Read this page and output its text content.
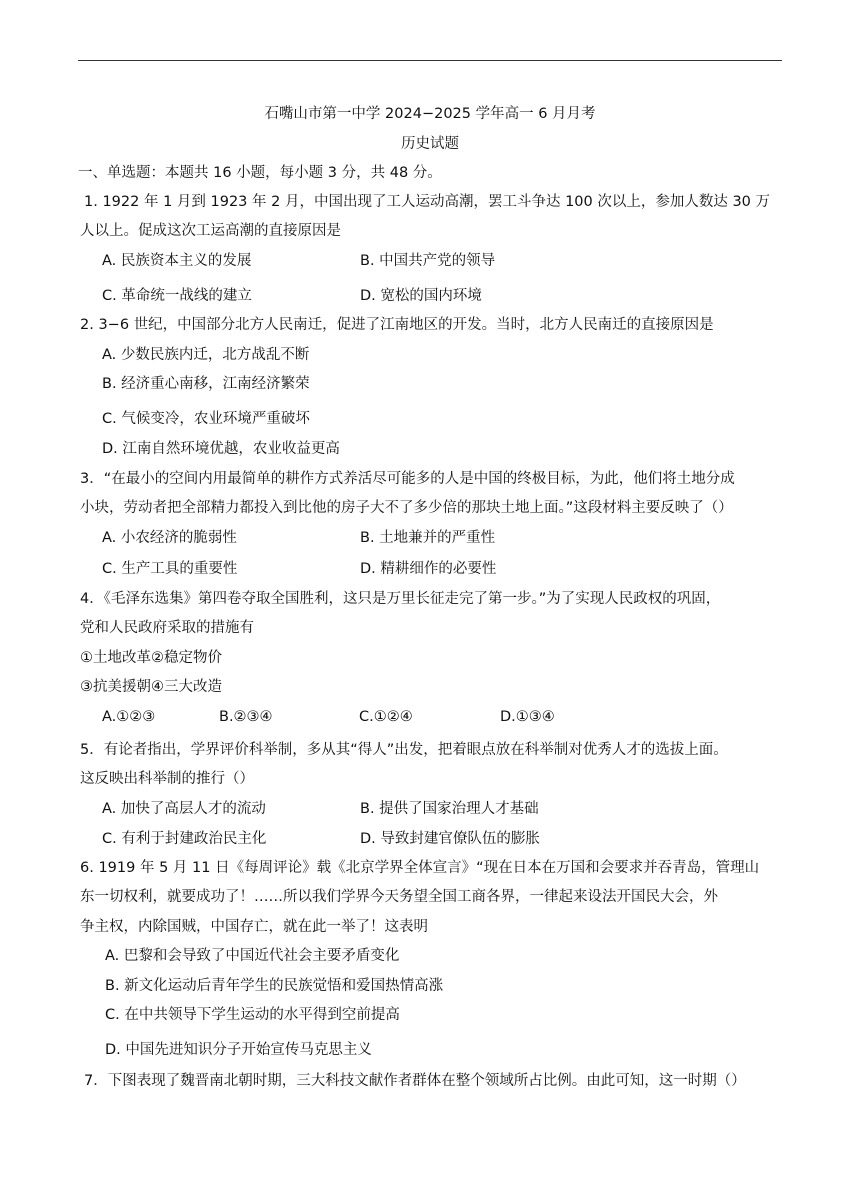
石嘴山市第一中学 2024−2025 学年高一 6 月月考
历史试题
一、单选题：本题共 16 小题，每小题 3 分，共 48 分。
1. 1922 年 1 月到 1923 年 2 月，中国出现了工人运动高潮，罢工斗争达 100 次以上，参加人数达 30 万
人以上。促成这次工运高潮的直接原因是
A. 民族资本主义的发展	B. 中国共产党的领导
C. 革命统一战线的建立	D. 宽松的国内环境
2. 3−6 世纪，中国部分北方人民南迁，促进了江南地区的开发。当时，北方人民南迁的直接原因是
A. 少数民族内迁，北方战乱不断
B. 经济重心南移，江南经济繁荣
C. 气候变冷，农业环境严重破坏
D. 江南自然环境优越，农业收益更高
3．“在最小的空间内用最简单的耕作方式养活尽可能多的人是中国的终极目标，为此，他们将土地分成
小块，劳动者把全部精力都投入到比他的房子大不了多少倍的那块土地上面。”这段材料主要反映了（）
A. 小农经济的脆弱性	B. 土地兼并的严重性
C. 生产工具的重要性	D. 精耕细作的必要性
4．《毛泽东选集》第四卷夺取全国胜利，这只是万里长征走完了第一步。”为了实现人民政权的巩固，
党和人民政府采取的措施有
①土地改革②稳定物价
③抗美援朝④三大改造
A.①②③	B.②③④	C.①②④	D.①③④
5．有论者指出，学界评价科举制，多从其“得人”出发，把着眼点放在科举制对优秀人才的选拔上面。
这反映出科举制的推行（）
A. 加快了高层人才的流动	B. 提供了国家治理人才基础
C. 有利于封建政治民主化	D. 导致封建官僚队伍的膨胀
6. 1919 年 5 月 11 日《每周评论》载《北京学界全体宣言》“现在日本在万国和会要求并吞青岛，管理山
东一切权利，就要成功了！……所以我们学界今天务望全国工商各界，一律起来设法开国民大会，外
争主权，内除国贼，中国存亡，就在此一举了！这表明
A. 巴黎和会导致了中国近代社会主要矛盾变化
B. 新文化运动后青年学生的民族觉悟和爱国热情高涨
C. 在中共领导下学生运动的水平得到空前提高
D. 中国先进知识分子开始宣传马克思主义
7．下图表现了魏晋南北朝时期，三大科技文献作者群体在整个领域所占比例。由此可知，这一时期（）
